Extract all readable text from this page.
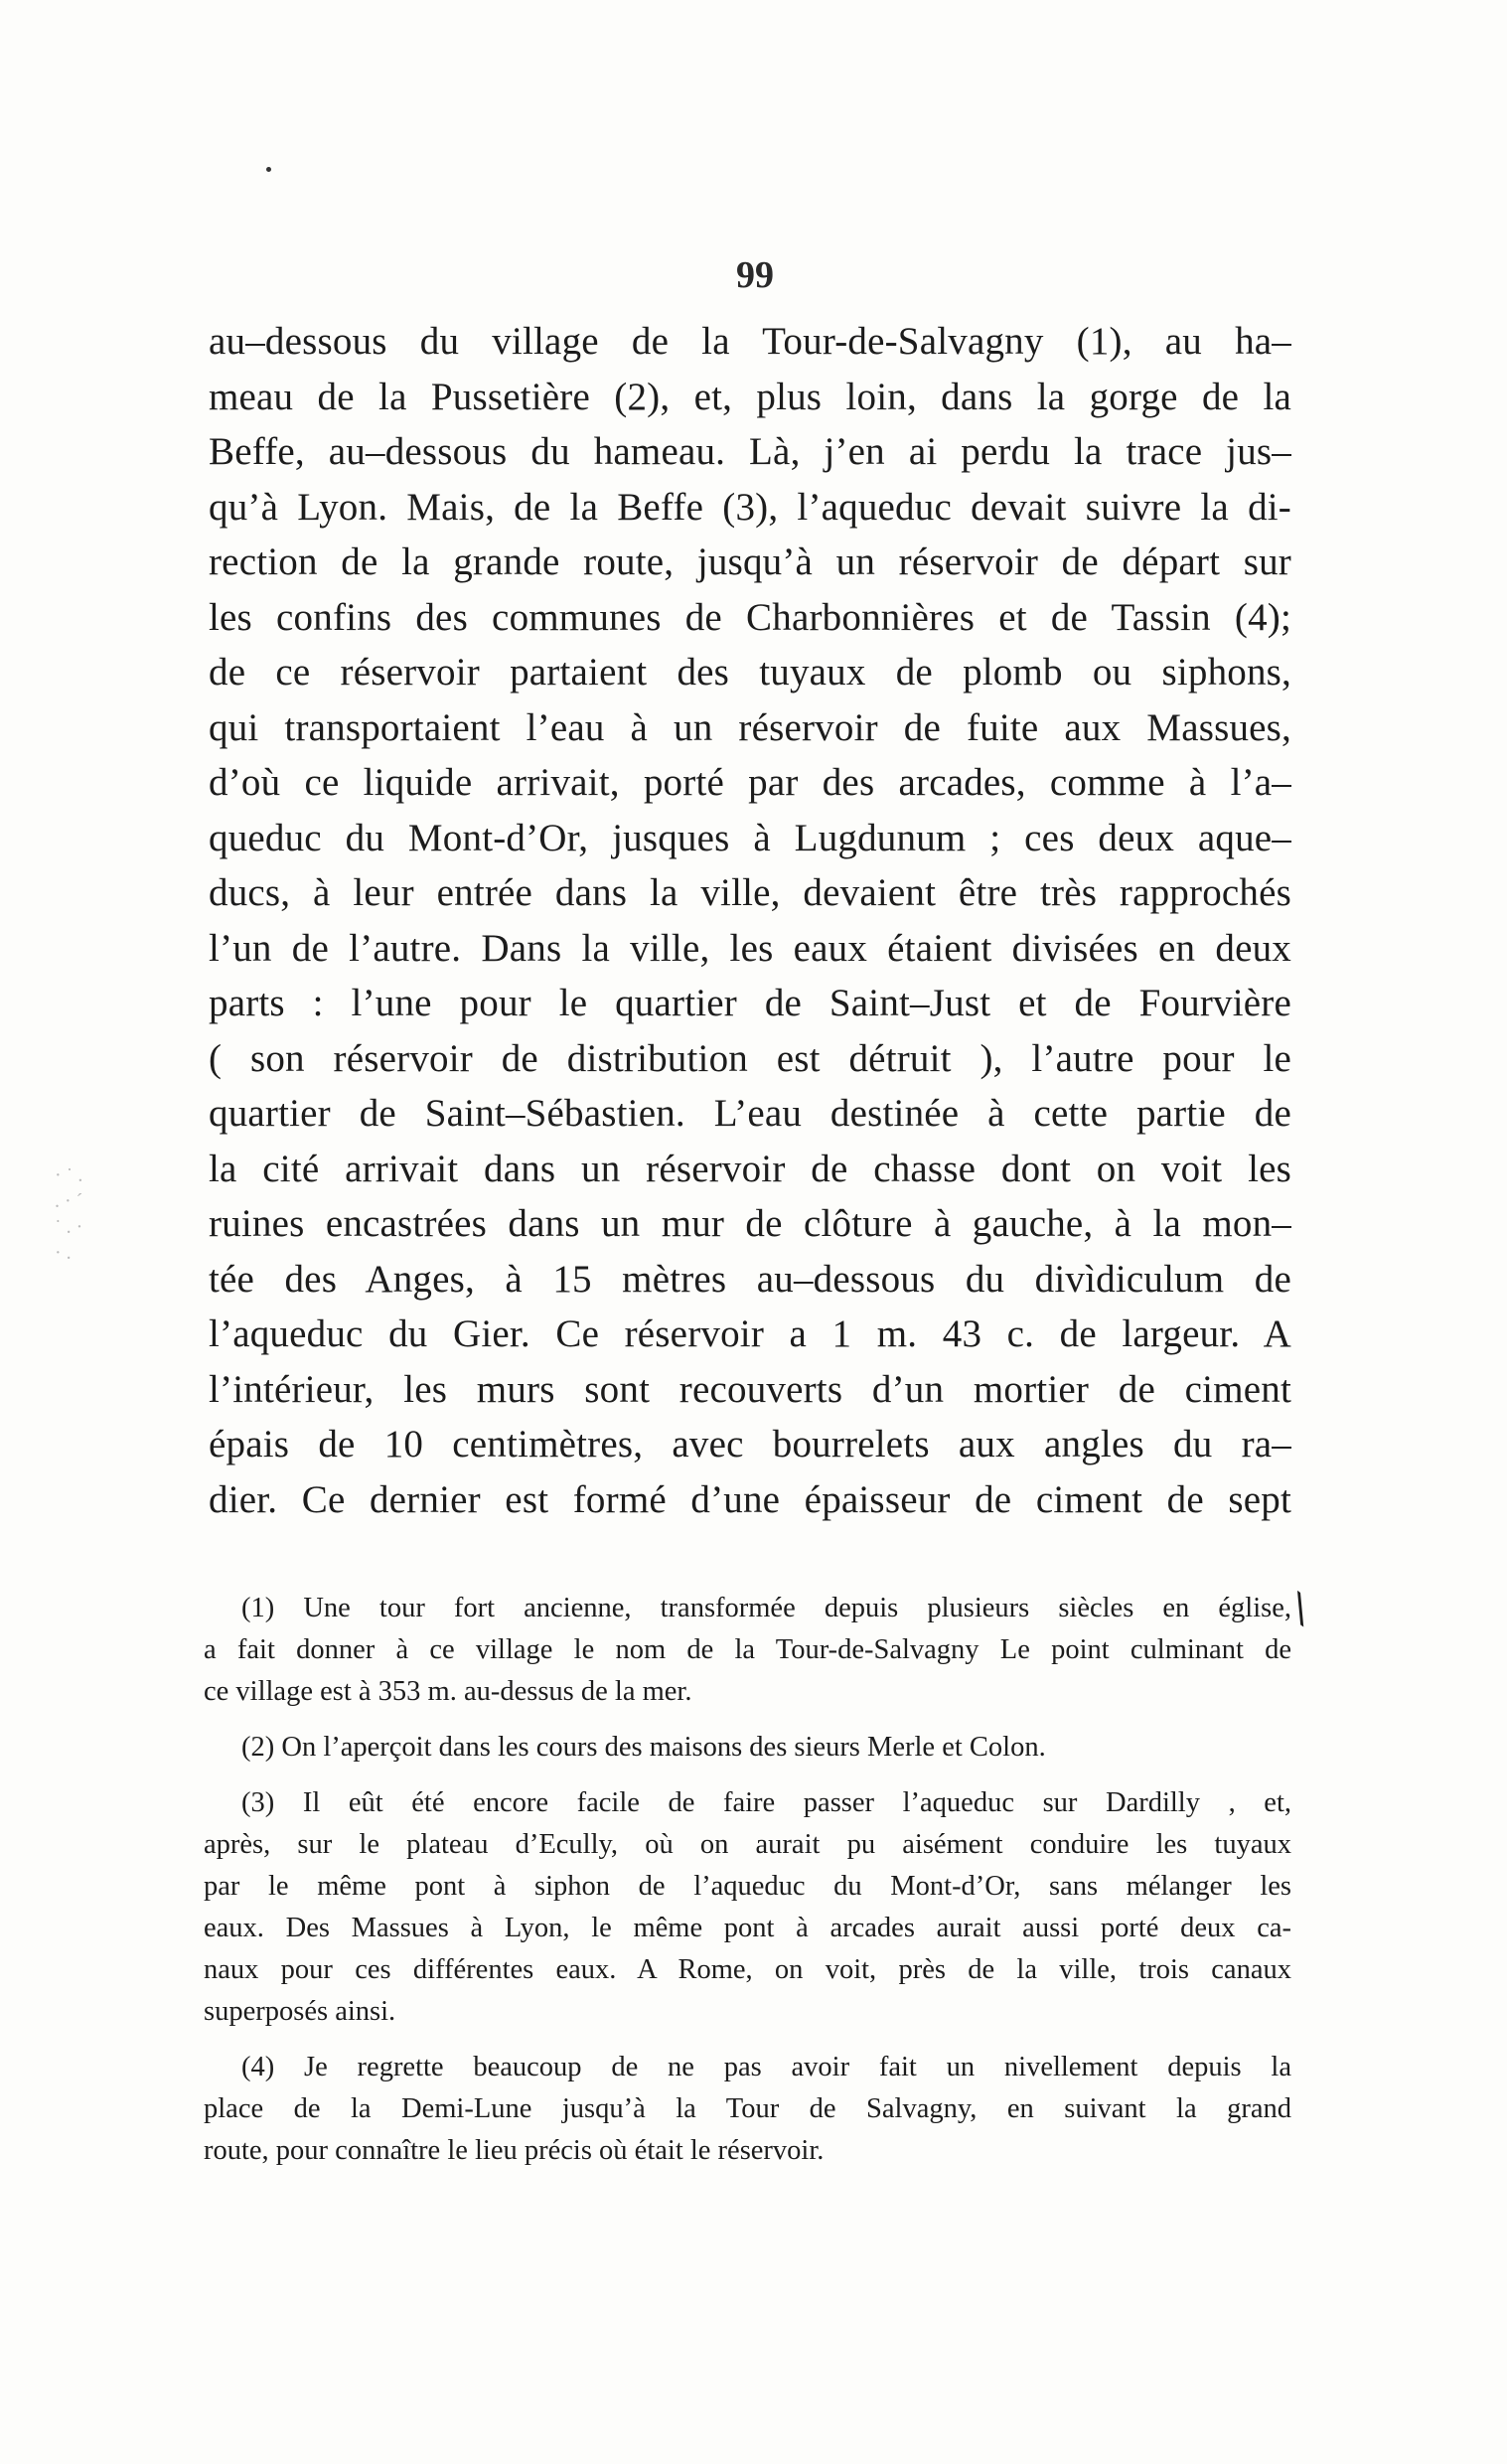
· ˙ .
. · ´
˙ . ·
· .
99
au–dessous du village de la Tour-de-Salvagny (1), au ha–
meau de la Pussetière (2), et, plus loin, dans la gorge de la
Beffe, au–dessous du hameau. Là, j’en ai perdu la trace jus–
qu’à Lyon. Mais, de la Beffe (3), l’aqueduc devait suivre la di-
rection de la grande route, jusqu’à un réservoir de départ sur
les confins des communes de Charbonnières et de Tassin (4);
de ce réservoir partaient des tuyaux de plomb ou siphons,
qui transportaient l’eau à un réservoir de fuite aux Massues,
d’où ce liquide arrivait, porté par des arcades, comme à l’a–
queduc du Mont-d’Or, jusques à Lugdunum ; ces deux aque–
ducs, à leur entrée dans la ville, devaient être très rapprochés
l’un de l’autre. Dans la ville, les eaux étaient divisées en deux
parts : l’une pour le quartier de Saint–Just et de Fourvière
( son réservoir de distribution est détruit ), l’autre pour le
quartier de Saint–Sébastien. L’eau destinée à cette partie de
la cité arrivait dans un réservoir de chasse dont on voit les
ruines encastrées dans un mur de clôture à gauche, à la mon–
tée des Anges, à 15 mètres au–dessous du divìdiculum de
l’aqueduc du Gier. Ce réservoir a 1 m. 43 c. de largeur. A
l’intérieur, les murs sont recouverts d’un mortier de ciment
épais de 10 centimètres, avec bourrelets aux angles du ra–
dier. Ce dernier est formé d’une épaisseur de ciment de sept
⟍
(1) Une tour fort ancienne, transformée depuis plusieurs siècles en église,
a fait donner à ce village le nom de la Tour-de-Salvagny Le point culminant de
ce village est à 353 m. au-dessus de la mer.
(2) On l’aperçoit dans les cours des maisons des sieurs Merle et Colon.
(3) Il eût été encore facile de faire passer l’aqueduc sur Dardilly , et,
après, sur le plateau d’Ecully, où on aurait pu aisément conduire les tuyaux
par le même pont à siphon de l’aqueduc du Mont-d’Or, sans mélanger les
eaux. Des Massues à Lyon, le même pont à arcades aurait aussi porté deux ca-
naux pour ces différentes eaux. A Rome, on voit, près de la ville, trois canaux
superposés ainsi.
(4) Je regrette beaucoup de ne pas avoir fait un nivellement depuis la
place de la Demi-Lune jusqu’à la Tour de Salvagny, en suivant la grand
route, pour connaître le lieu précis où était le réservoir.
